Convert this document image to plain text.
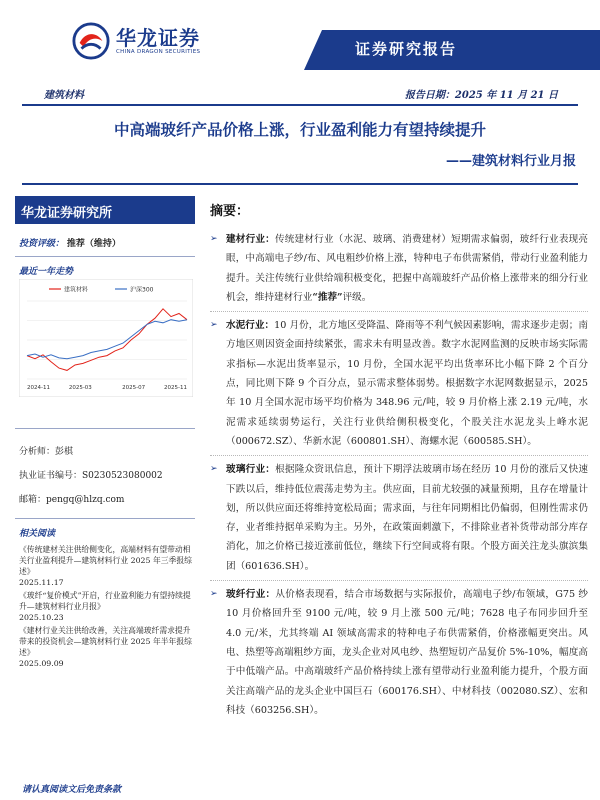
华龙证券
CHINA DRAGON SECURITIES	证券研究报告
建筑材料	报告日期：2025 年 11 月 21 日
中高端玻纤产品价格上涨，行业盈利能力有望持续提升
——建筑材料行业月报
华龙证券研究所
投资评级： 推荐（维持）
最近一年走势
建筑材料	沪深300
2024-11	2025-03	2025-07	2025-11
分析师：彭棋
执业证书编号：S0230523080002
邮箱：pengq@hlzq.com
相关阅读

《传统建材关注供给侧变化，高端材料有望带动相关行业盈利提升—建筑材料行业 2025 年三季报综述》

2025.11.17

《玻纤“复价模式”开启，行业盈利能力有望持续提升—建筑材料行业月报》

2025.10.23

《建材行业关注供给改善，关注高端玻纤需求提升带来的投资机会—建筑材料行业 2025 年半年报综述》

2025.09.09

摘要：
➢ 建材行业：传统建材行业（水泥、玻璃、消费建材）短期需求偏弱，玻纤行业表现亮眼，中高端电子纱/布、风电粗纱价格上涨，特种电子布供需紧俏，带动行业盈利能力提升。关注传统行业供给端积极变化，把握中高端玻纤产品价格上涨带来的细分行业机会，维持建材行业“推荐”评级。
➢ 水泥行业：10 月份，北方地区受降温、降雨等不利气候因素影响，需求逐步走弱；南方地区则因资金面持续紧张，需求未有明显改善。数字水泥网监测的反映市场实际需求指标—水泥出货率显示，10 月份，全国水泥平均出货率环比小幅下降 2 个百分点，同比则下降 9 个百分点，显示需求整体弱势。根据数字水泥网数据显示，2025 年 10 月全国水泥市场平均价格为 348.96 元/吨，较 9 月价格上涨 2.19 元/吨，水泥需求延续弱势运行，关注行业供给侧积极变化，个股关注水泥龙头上峰水泥（000672.SZ）、华新水泥（600801.SH）、海螺水泥（600585.SH）。
➢ 玻璃行业：根据隆众资讯信息，预计下期浮法玻璃市场在经历 10 月份的涨后又快速下跌以后，维持低位震荡走势为主。供应面，目前尤较强的减量预期，且存在增量计划，所以供应面还将维持宽松局面；需求面，与往年同期相比仍偏弱，但刚性需求仍存，业者维持据单采购为主。另外，在政策面刺激下，不排除业者补货带动部分库存消化，加之价格已接近涨前低位，继续下行空间或将有限。个股方面关注龙头旗滨集团（601636.SH）。
➢ 玻纤行业：从价格表现看，结合市场数据与实际报价，高端电子纱/布领域，G75 纱 10 月价格回升至 9100 元/吨，较 9 月上涨 500 元/吨；7628 电子布同步回升至 4.0 元/米，尤其终端 AI 领域高需求的特种电子布供需紧俏，价格涨幅更突出。风电、热塑等高端粗纱方面，龙头企业对风电纱、热塑短切产品复价 5%-10%，幅度高于中低端产品。中高端玻纤产品价格持续上涨有望带动行业盈利能力提升，个股方面关注高端产品的龙头企业中国巨石（600176.SH）、中材科技（002080.SZ）、宏和科技（603256.SH）。
请认真阅读文后免责条款
